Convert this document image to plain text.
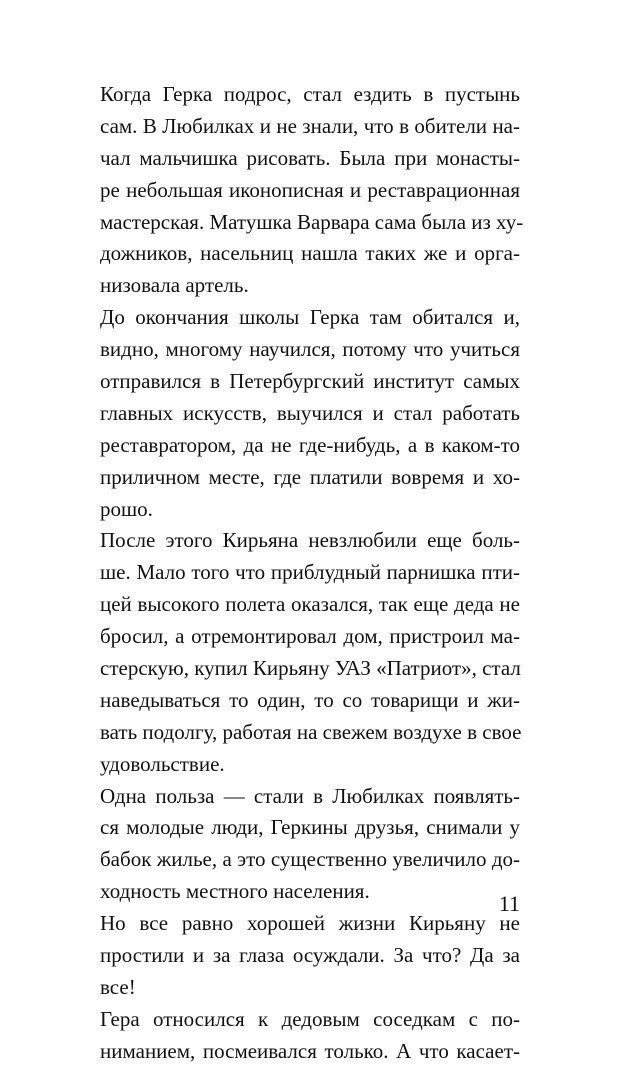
Когда Герка подрос, стал ездить в пустынь
сам. В Любилках и не знали, что в обители на-
чал мальчишка рисовать. Была при монасты-
ре небольшая иконописная и реставрационная
мастерская. Матушка Варвара сама была из ху-
дожников, насельниц нашла таких же и орга-
низовала артель.
До окончания школы Герка там обитался и,
видно, многому научился, потому что учиться
отправился в Петербургский институт самых
главных искусств, выучился и стал работать
реставратором, да не где-нибудь, а в каком-то
приличном месте, где платили вовремя и хо-
рошо.
После этого Кирьяна невзлюбили еще боль-
ше. Мало того что приблудный парнишка пти-
цей высокого полета оказался, так еще деда не
бросил, а отремонтировал дом, пристроил ма-
стерскую, купил Кирьяну УАЗ «Патриот», стал
наведываться то один, то со товарищи и жи-
вать подолгу, работая на свежем воздухе в свое
удовольствие.
Одна польза — стали в Любилках появлять-
ся молодые люди, Геркины друзья, снимали у
бабок жилье, а это существенно увеличило до-
ходность местного населения.
Но все равно хорошей жизни Кирьяну не
простили и за глаза осуждали. За что? Да за
все!
Гера относился к дедовым соседкам с по-
ниманием, посмеивался только. А что касает-
11
